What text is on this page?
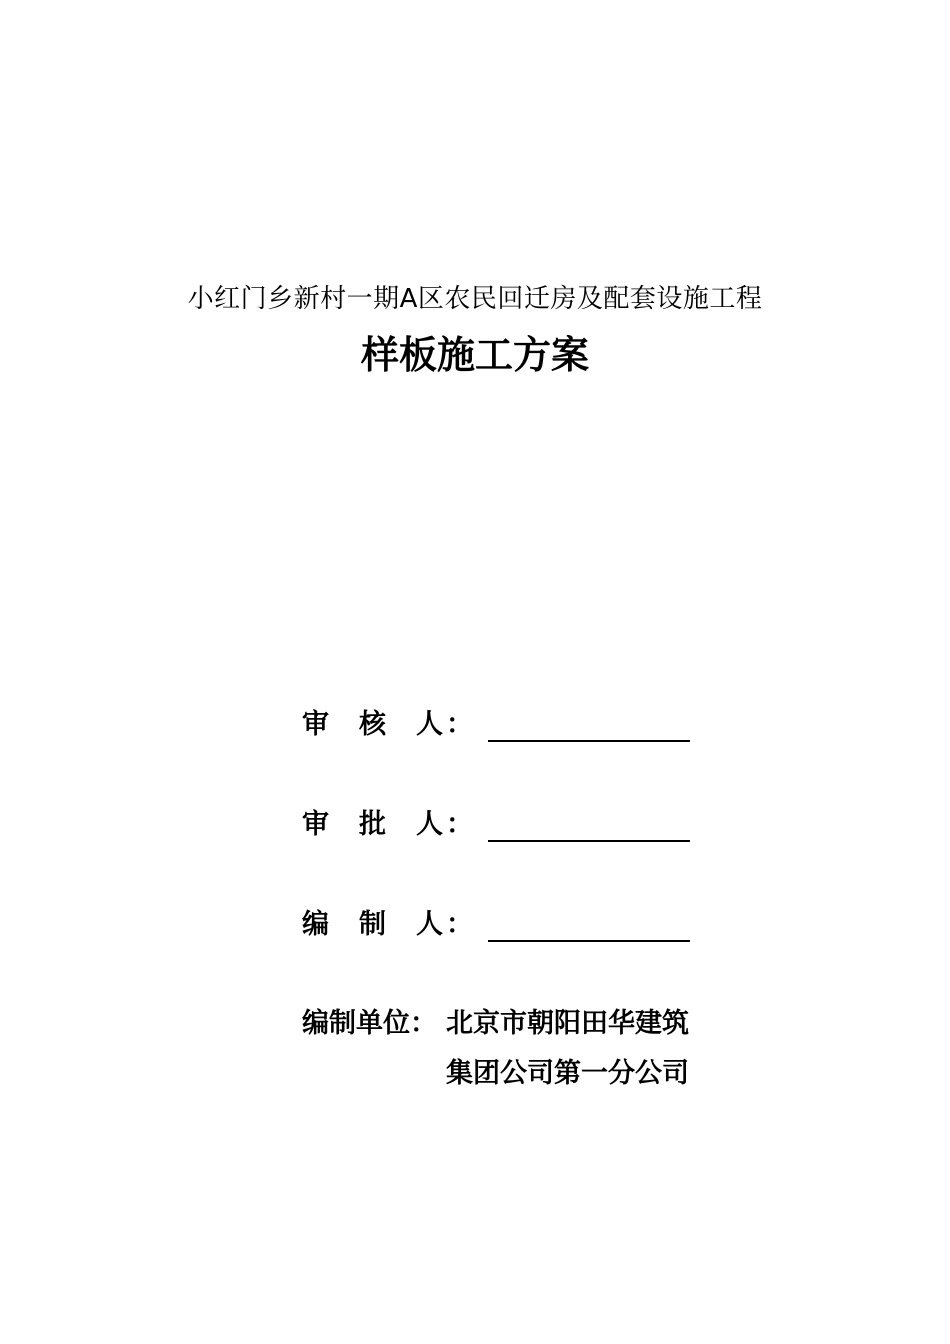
小红门乡新村一期A区农民回迁房及配套设施工程
样板施工方案
审 核 人 ：
审 批 人 ：
编 制 人 ：
编制单位： 北京市朝阳田华建筑
集团公司第一分公司
